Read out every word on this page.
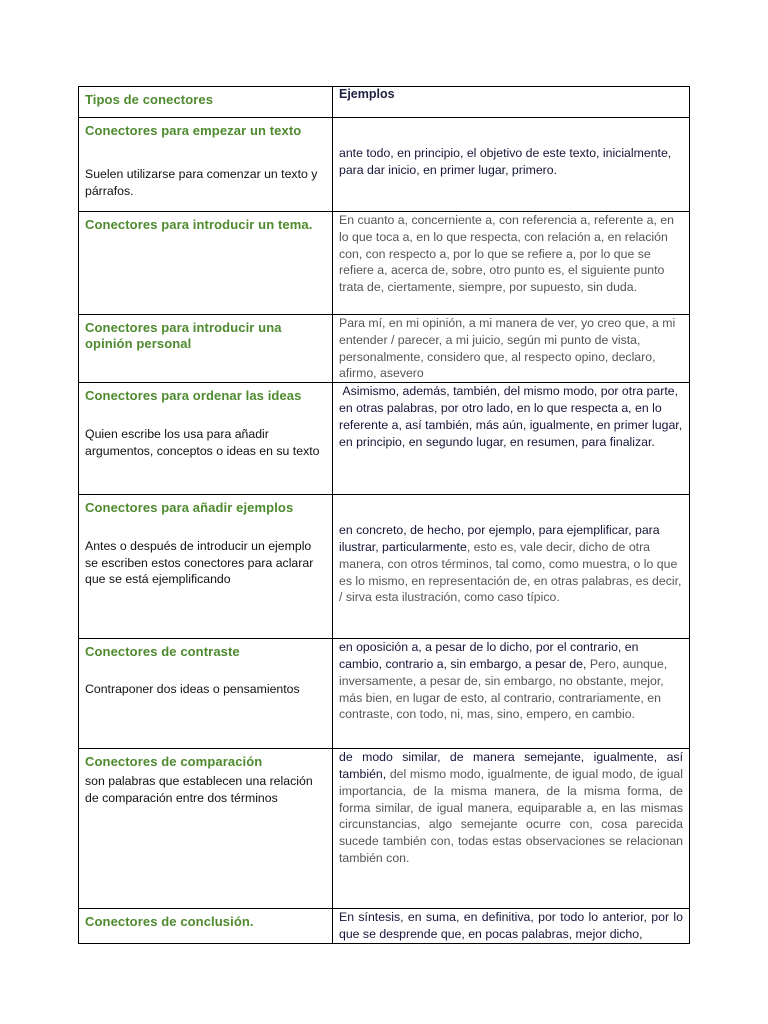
Tipos de conectores	Ejemplos

Conectores para empezar un texto
Suelen utilizarse para comenzar un texto y párrafos.	ante todo, en principio, el objetivo de este texto, inicialmente, para dar inicio, en primer lugar, primero.

Conectores para introducir un tema.	En cuanto a, concerniente a, con referencia a, referente a, en lo que toca a, en lo que respecta, con relación a, en relación con, con respecto a, por lo que se refiere a, por lo que se refiere a, acerca de, sobre, otro punto es, el siguiente punto trata de, ciertamente, siempre, por supuesto, sin duda.

Conectores para introducir una opinión personal	Para mí, en mi opinión, a mi manera de ver, yo creo que, a mi entender / parecer, a mi juicio, según mi punto de vista, personalmente, considero que, al respecto opino, declaro, afirmo, asevero

Conectores para ordenar las ideas
Quien escribe los usa para añadir argumentos, conceptos o ideas en su texto	Asimismo, además, también, del mismo modo, por otra parte, en otras palabras, por otro lado, en lo que respecta a, en lo referente a, así también, más aún, igualmente, en primer lugar, en principio, en segundo lugar, en resumen, para finalizar.

Conectores para añadir ejemplos
Antes o después de introducir un ejemplo se escriben estos conectores para aclarar que se está ejemplificando	en concreto, de hecho, por ejemplo, para ejemplificar, para ilustrar, particularmente, esto es, vale decir, dicho de otra manera, con otros términos, tal como, como muestra, o lo que es lo mismo, en representación de, en otras palabras, es decir, / sirva esta ilustración, como caso típico.

Conectores de contraste
Contraponer dos ideas o pensamientos	en oposición a, a pesar de lo dicho, por el contrario, en cambio, contrario a, sin embargo, a pesar de, Pero, aunque, inversamente, a pesar de, sin embargo, no obstante, mejor, más bien, en lugar de esto, al contrario, contrariamente, en contraste, con todo, ni, mas, sino, empero, en cambio.

Conectores de comparación
son palabras que establecen una relación de comparación entre dos términos	de modo similar, de manera semejante, igualmente, así también, del mismo modo, igualmente, de igual modo, de igual importancia, de la misma manera, de la misma forma, de forma similar, de igual manera, equiparable a, en las mismas circunstancias, algo semejante ocurre con, cosa parecida sucede también con, todas estas observaciones se relacionan también con.

Conectores de conclusión.	En síntesis, en suma, en definitiva, por todo lo anterior, por lo que se desprende que, en pocas palabras, mejor dicho,
